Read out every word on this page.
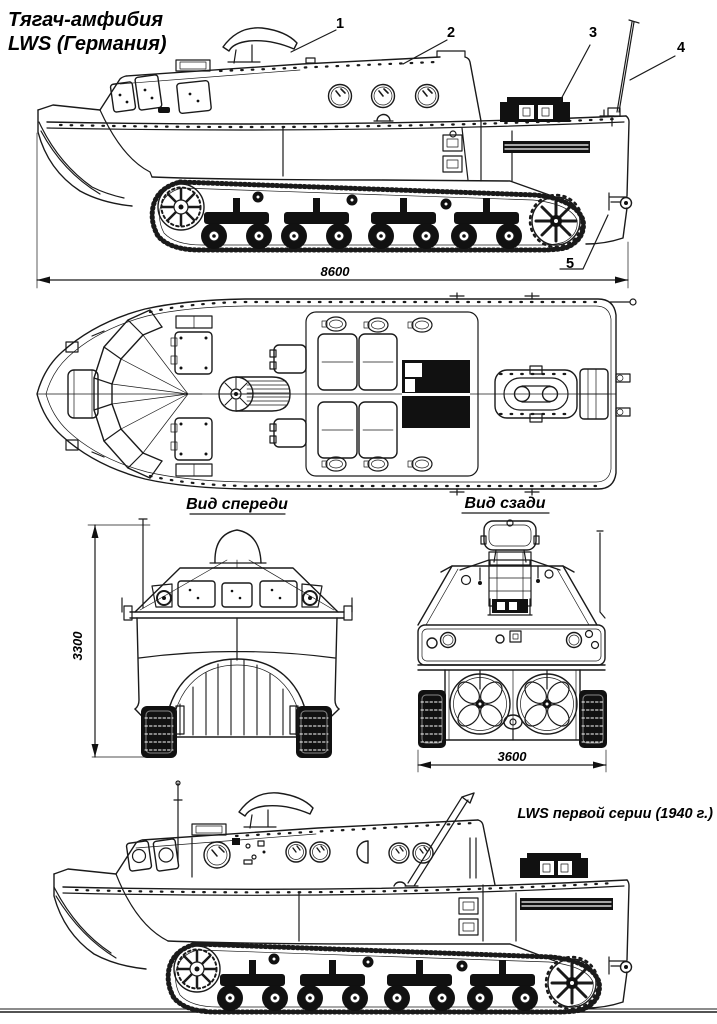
Тягач-амфибия
LWS (Германия)
Вид спереди	Вид сзади
LWS первой серии (1940 г.)
8600
3300
3600
1
2	3
4
5
